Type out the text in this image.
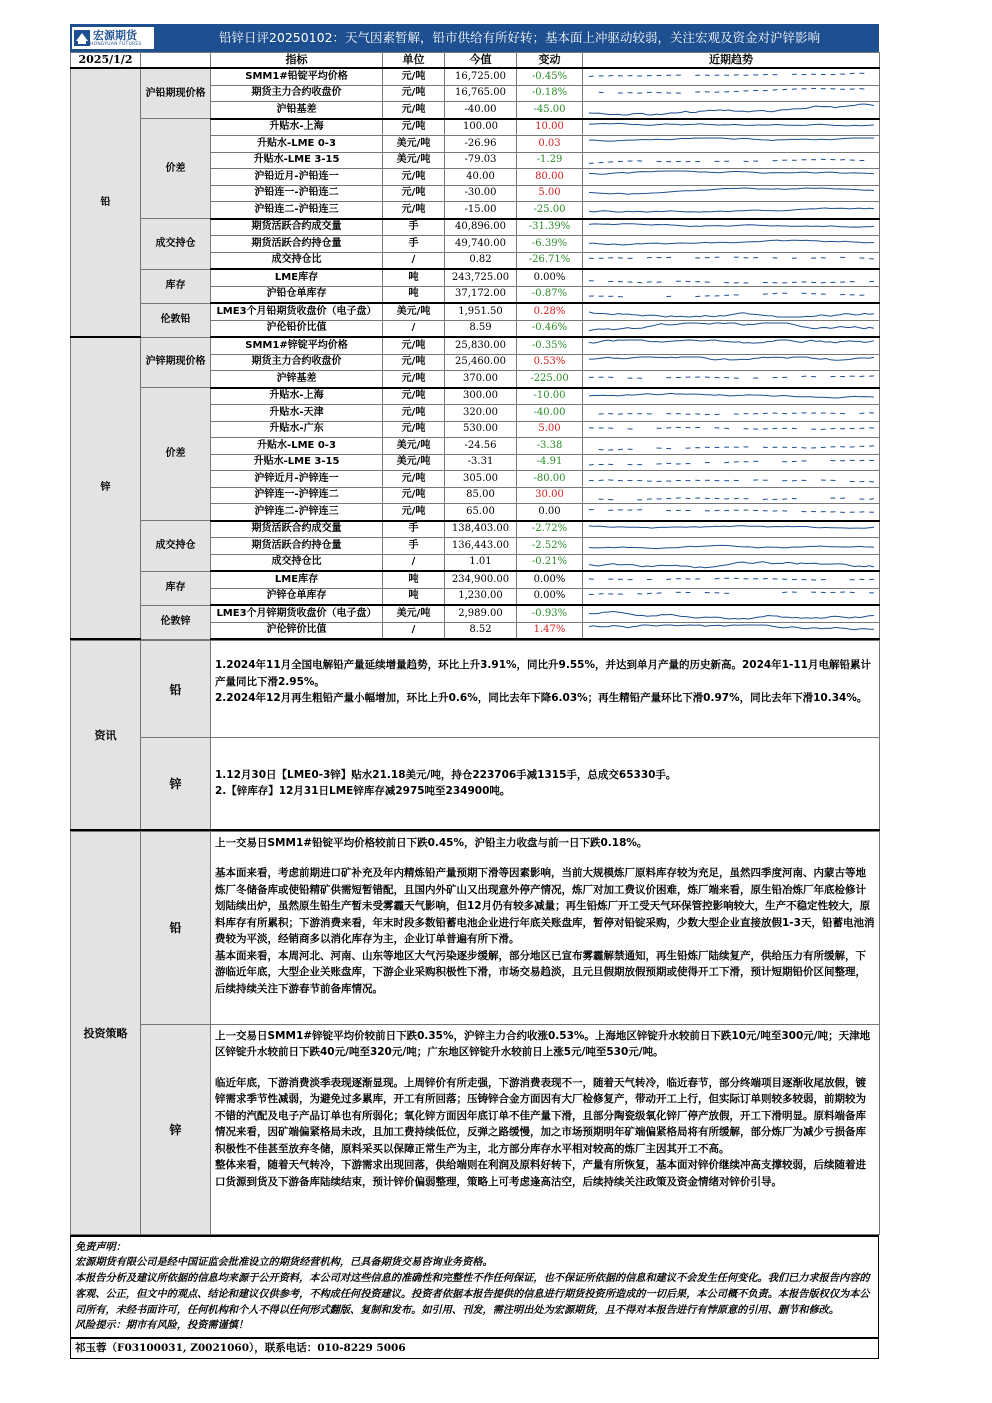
宏源期货
HONGYUAN FUTURES	铅锌日评20250102：天气因素暂解，铅市供给有所好转；基本面上冲驱动较弱，关注宏观及资金对沪锌影响
2025/1/2		指标	单位	今值	变动	近期趋势
铅	沪铅期现价格	SMM1#铅锭平均价格	元/吨	16,725.00	-0.45%	

		期货主力合约收盘价	元/吨	16,765.00	-0.18%	

		沪铅基差	元/吨	-40.00	-45.00	

	价差	升贴水-上海	元/吨	100.00	10.00	

		升贴水-LME 0-3	美元/吨	-26.96	0.03	

		升贴水-LME 3-15	美元/吨	-79.03	-1.29	

		沪铅近月-沪铅连一	元/吨	40.00	80.00	

		沪铅连一-沪铅连二	元/吨	-30.00	5.00	

		沪铅连二-沪铅连三	元/吨	-15.00	-25.00	

	成交持仓	期货活跃合约成交量	手	40,896.00	-31.39%	

		期货活跃合约持仓量	手	49,740.00	-6.39%	

		成交持仓比	/	0.82	-26.71%	

	库存	LME库存	吨	243,725.00	0.00%	

		沪铅仓单库存	吨	37,172.00	-0.87%	

	伦敦铅	LME3个月铅期货收盘价（电子盘）	美元/吨	1,951.50	0.28%	

		沪伦铅价比值	/	8.59	-0.46%	

锌	沪锌期现价格	SMM1#锌锭平均价格	元/吨	25,830.00	-0.35%	

		期货主力合约收盘价	元/吨	25,460.00	0.53%	

		沪锌基差	元/吨	370.00	-225.00	

	价差	升贴水-上海	元/吨	300.00	-10.00	

		升贴水-天津	元/吨	320.00	-40.00	

		升贴水-广东	元/吨	530.00	5.00	

		升贴水-LME 0-3	美元/吨	-24.56	-3.38	

		升贴水-LME 3-15	美元/吨	-3.31	-4.91	

		沪锌近月-沪锌连一	元/吨	305.00	-80.00	

		沪锌连一-沪锌连二	元/吨	85.00	30.00	

		沪锌连二-沪锌连三	元/吨	65.00	0.00	

	成交持仓	期货活跃合约成交量	手	138,403.00	-2.72%	

		期货活跃合约持仓量	手	136,443.00	-2.52%	

		成交持仓比	/	1.01	-0.21%	

	库存	LME库存	吨	234,900.00	0.00%	

		沪锌仓单库存	吨	1,230.00	0.00%	

	伦敦锌	LME3个月锌期货收盘价（电子盘）	美元/吨	2,989.00	-0.93%	

		沪伦锌价比值	/	8.52	1.47%	
资讯	铅	1.2024年11月全国电解铅产量延续增量趋势，环比上升3.91%，同比升9.55%，并达到单月产量的历史新高。2024年1-11月电解铅累计产量同比下滑2.95%。

2.2024年12月再生粗铅产量小幅增加，环比上升0.6%，同比去年下降6.03%；再生精铅产量环比下滑0.97%，同比去年下滑10.34%。

	锌	1.12月30日【LME0-3锌】贴水21.18美元/吨，持仓223706手减1315手，总成交65330手。

2.【锌库存】12月31日LME锌库存减2975吨至234900吨。

投资策略	铅	上一交易日SMM1#铅锭平均价格较前日下跌0.45%，沪铅主力收盘与前一日下跌0.18%。

基本面来看，考虑前期进口矿补充及年内精炼铅产量预期下滑等因素影响，当前大规模炼厂原料库存较为充足，虽然四季度河南、内蒙古等地炼厂冬储备库或使铅精矿供需短暂错配，且国内外矿山又出现意外停产情况，炼厂对加工费议价困难，炼厂端来看，原生铅冶炼厂年底检修计划陆续出炉，虽然原生铅生产暂未受雾霾天气影响，但12月仍有较多减量；再生铅炼厂开工受天气环保管控影响较大，生产不稳定性较大，原料库存有所累积；下游消费来看，年末时段多数铅蓄电池企业进行年底关账盘库，暂停对铅锭采购，少数大型企业直接放假1-3天，铅蓄电池消费较为平淡，经销商多以消化库存为主，企业订单普遍有所下滑。

基本面来看，本周河北、河南、山东等地区大气污染逐步缓解，部分地区已宣布雾霾解禁通知，再生铅炼厂陆续复产，供给压力有所缓解，下游临近年底，大型企业关账盘库，下游企业采购积极性下滑，市场交易趋淡，且元旦假期放假预期或使得开工下滑，预计短期铅价区间整理，后续持续关注下游春节前备库情况。

	锌	上一交易日SMM1#锌锭平均价较前日下跌0.35%，沪锌主力合约收涨0.53%。上海地区锌锭升水较前日下跌10元/吨至300元/吨；天津地区锌锭升水较前日下跌40元/吨至320元/吨；广东地区锌锭升水较前日上涨5元/吨至530元/吨。

临近年底，下游消费淡季表现逐渐显现。上周锌价有所走强，下游消费表现不一，随着天气转冷，临近春节，部分终端项目逐渐收尾放假，镀锌需求季节性减弱，为避免过多累库，开工有所回落；压铸锌合金方面因有大厂检修复产，带动开工上行，但实际订单则较多较弱，前期较为不错的汽配及电子产品订单也有所弱化；氧化锌方面因年底订单不佳产量下滑，且部分陶瓷级氧化锌厂停产放假，开工下滑明显。原料端备库情况来看，因矿端偏紧格局未改，且加工费持续低位，反弹之路缓慢，加之市场预期明年矿端偏紧格局将有所缓解，部分炼厂为减少亏损备库积极性不佳甚至放弃冬储，原料采买以保障正常生产为主，北方部分库存水平相对较高的炼厂主因其开工不高。

整体来看，随着天气转冷，下游需求出现回落，供给端则在利润及原料好转下，产量有所恢复，基本面对锌价继续冲高支撑较弱，后续随着进口货源到货及下游备库陆续结束，预计锌价偏弱整理，策略上可考虑逢高沽空，后续持续关注政策及资金情绪对锌价引导。

免责声明：
宏源期货有限公司是经中国证监会批准设立的期货经营机构，已具备期货交易咨询业务资格。
本报告分析及建议所依据的信息均来源于公开资料，本公司对这些信息的准确性和完整性不作任何保证，也不保证所依据的信息和建议不会发生任何变化。我们已力求报告内容的客观、公正，但文中的观点、结论和建议仅供参考，不构成任何投资建议。投资者依据本报告提供的信息进行期货投资所造成的一切后果，本公司概不负责。本报告版权仅为本公司所有，未经书面许可，任何机构和个人不得以任何形式翻版、复制和发布。如引用、刊发，需注明出处为宏源期货，且不得对本报告进行有悖原意的引用、删节和修改。
风险提示：期市有风险，投资需谨慎！
祁玉蓉（F03100031, Z0021060），联系电话：010-8229 5006
